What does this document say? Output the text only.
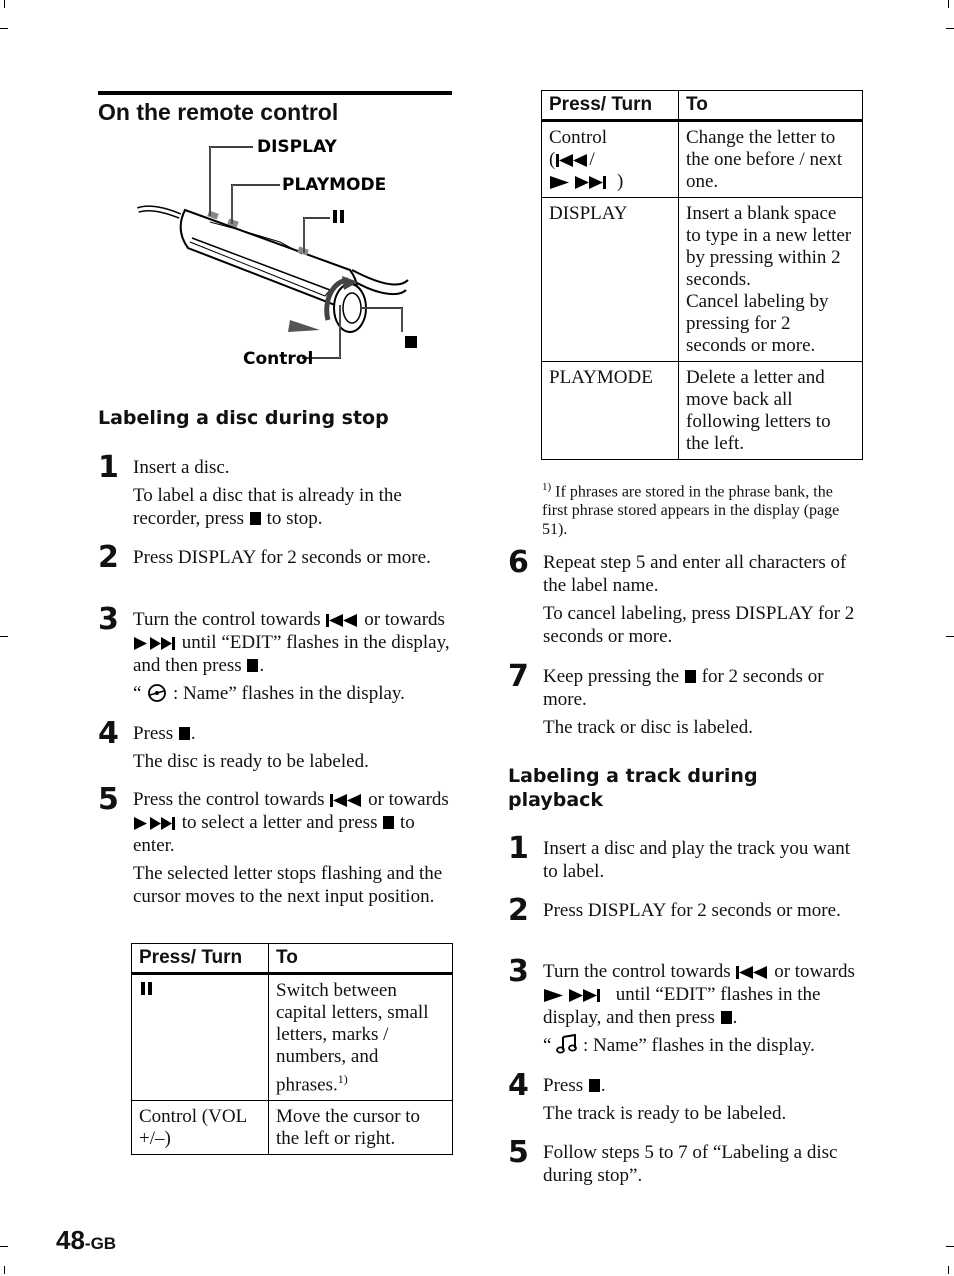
On the remote control
DISPLAY
PLAYMODE
Control
Labeling a disc during stop
1 Insert a disc.

To label a disc that is already in the recorder, press to stop.

2 Press DISPLAY for 2 seconds or more.

3 Turn the control towards or towards  until “EDIT” flashes in the display, and then press .

“ : Name” flashes in the display.

4 Press .

The disc is ready to be labeled.

5 Press the control towards or towards  to select a letter and press to enter.

The selected letter stops flashing and the cursor moves to the next input position.

Press/ Turn	To
	Switch between capital letters, small letters, marks / numbers, and phrases.$^{1)}$
Control (VOL +/–)	Move the cursor to the left or right.
Press/ Turn	To
Control
( /
)	Change the letter to the one before / next one.
DISPLAY	Insert a blank space to type in a new letter by pressing within 2 seconds.
Cancel labeling by pressing for 2 seconds or more.

PLAYMODE	Delete a letter and move back all following letters to the left.
$^{1)}$ If phrases are stored in the phrase bank, the first phrase stored appears in the display (page 51).
6 Repeat step 5 and enter all characters of the label name.

To cancel labeling, press DISPLAY for 2 seconds or more.

7 Keep pressing the for 2 seconds or more.

The track or disc is labeled.

Labeling a track during playback
1 Insert a disc and play the track you want to label.

2 Press DISPLAY for 2 seconds or more.

3 Turn the control towards or towards  until “EDIT” flashes in the display, and then press .

“ : Name” flashes in the display.

4 Press .

The track is ready to be labeled.

5 Follow steps 5 to 7 of “Labeling a disc during stop”.

48-GB
